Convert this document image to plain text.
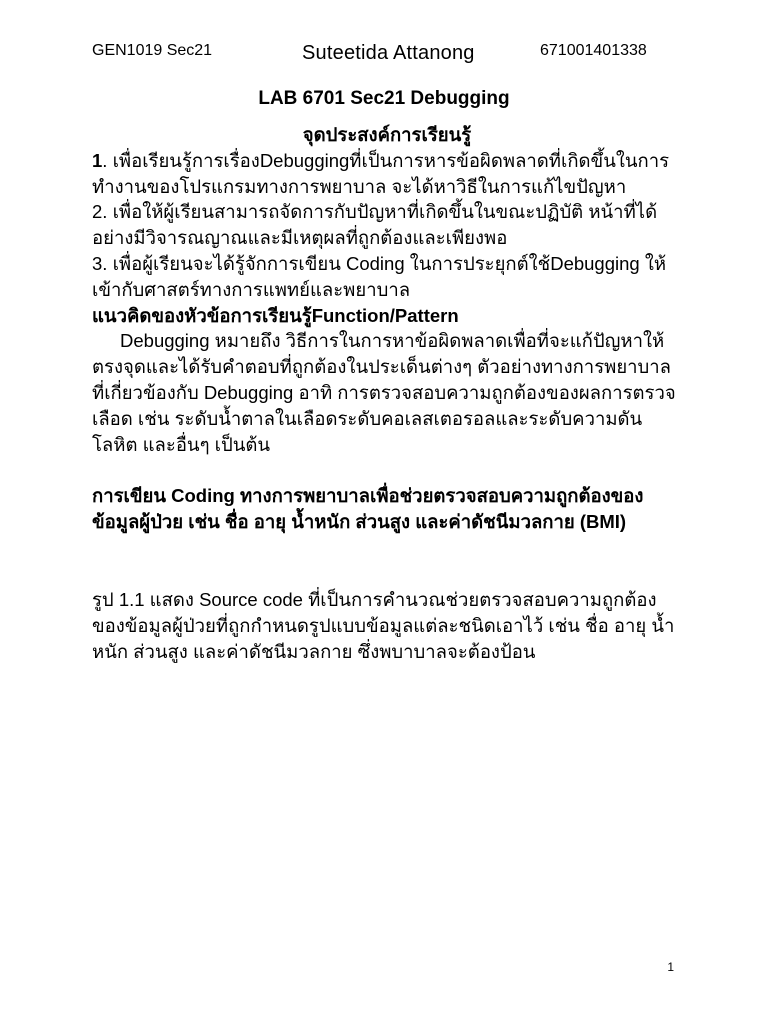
GEN1019 Sec21	Suteetida Attanong	671001401338
LAB 6701 Sec21 Debugging

จุดประสงค์การเรียนรู้

1. เพื่อเรียนรู้การเรื่องDebuggingที่เป็นการหารข้อผิดพลาดที่เกิดขึ้นในการทำงานของโปรแกรมทางการพยาบาล จะได้หาวิธีในการแก้ไขปัญหา

2. เพื่อให้ผู้เรียนสามารถจัดการกับปัญหาที่เกิดขึ้นในขณะปฏิบัติ หน้าที่ได้อย่างมีวิจารณญาณและมีเหตุผลที่ถูกต้องและเพียงพอ

3. เพื่อผู้เรียนจะได้รู้จักการเขียน Coding ในการประยุกต์ใช้Debugging ให้เข้ากับศาสตร์ทางการแพทย์และพยาบาล

แนวคิดของหัวข้อการเรียนรู้Function/Pattern

Debugging หมายถึง วิธีการในการหาข้อผิดพลาดเพื่อที่จะแก้ปัญหาให้ตรงจุดและได้รับคำตอบที่ถูกต้องในประเด็นต่างๆ ตัวอย่างทางการพยาบาลที่เกี่ยวข้องกับ Debugging อาทิ การตรวจสอบความถูกต้องของผลการตรวจเลือด เช่น ระดับน้ำตาลในเลือดระดับคอเลสเตอรอลและระดับความดันโลหิต และอื่นๆ เป็นต้น

การเขียน Coding ทางการพยาบาลเพื่อช่วยตรวจสอบความถูกต้องของข้อมูลผู้ป่วย เช่น ชื่อ อายุ น้ำหนัก ส่วนสูง และค่าดัชนีมวลกาย (BMI)

รูป 1.1 แสดง Source code ที่เป็นการคำนวณช่วยตรวจสอบความถูกต้องของข้อมูลผู้ป่วยที่ถูกกำหนดรูปแบบข้อมูลแต่ละชนิดเอาไว้ เช่น ชื่อ อายุ น้ำหนัก ส่วนสูง และค่าดัชนีมวลกาย ซึ่งพบาบาลจะต้องป้อน

1
